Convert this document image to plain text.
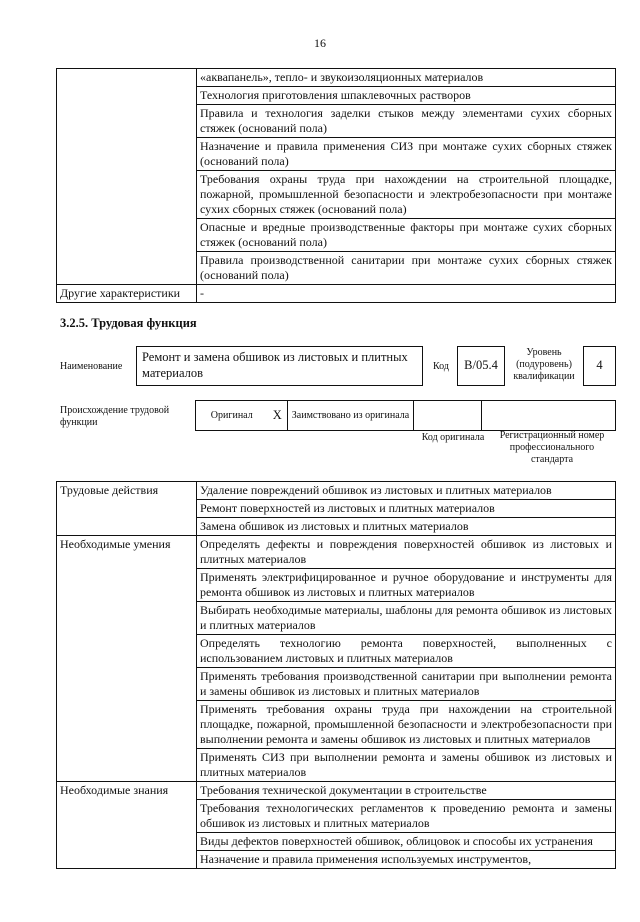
16
	«аквапанель», тепло- и звукоизоляционных материалов
	Технология приготовления шпаклевочных растворов
	Правила и технология заделки стыков между элементами сухих сборных стяжек (оснований пола)
	Назначение и правила применения СИЗ при монтаже сухих сборных стяжек (оснований пола)
	Требования охраны труда при нахождении на строительной площадке, пожарной, промышленной безопасности и электробезопасности при монтаже сухих сборных стяжек (оснований пола)
	Опасные и вредные производственные факторы при монтаже сухих сборных стяжек (оснований пола)
	Правила производственной санитарии при монтаже сухих сборных стяжек (оснований пола)
Другие характеристики	-
3.2.5. Трудовая функция
Наименование
Ремонт и замена обшивок из листовых и плитных материалов	Код	В/05.4
Уровень (подуровень) квалификации
4
Происхождение трудовой функции
Оригинал	X	Заимствовано из оригинала		
Код оригинала	Регистрационный номер профессионального стандарта
Трудовые действия	Удаление повреждений обшивок из листовых и плитных материалов
	Ремонт поверхностей из листовых и плитных материалов
	Замена обшивок из листовых и плитных материалов
Необходимые умения	Определять дефекты и повреждения поверхностей обшивок из листовых и плитных материалов
	Применять электрифицированное и ручное оборудование и инструменты для ремонта обшивок из листовых и плитных материалов
	Выбирать необходимые материалы, шаблоны для ремонта обшивок из листовых и плитных материалов
	Определять технологию ремонта поверхностей, выполненных с использованием листовых и плитных материалов
	Применять требования производственной санитарии при выполнении ремонта и замены обшивок из листовых и плитных материалов
	Применять требования охраны труда при нахождении на строительной площадке, пожарной, промышленной безопасности и электробезопасности при выполнении ремонта и замены обшивок из листовых и плитных материалов
	Применять СИЗ при выполнении ремонта и замены обшивок из листовых и плитных материалов
Необходимые знания	Требования технической документации в строительстве
	Требования технологических регламентов к проведению ремонта и замены обшивок из листовых и плитных материалов
	Виды дефектов поверхностей обшивок, облицовок и способы их устранения
	Назначение и правила применения используемых инструментов,
